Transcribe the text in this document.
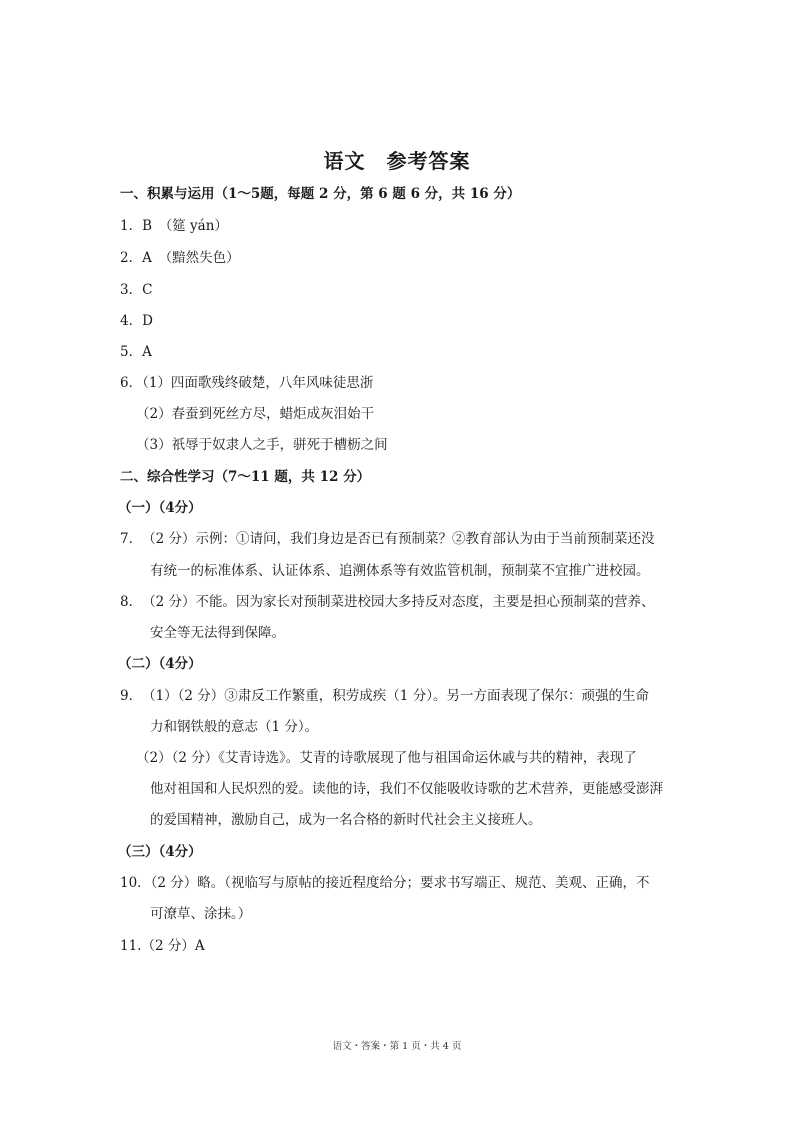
语文　参考答案
一、积累与运用（1～5题，每题 2 分，第 6 题 6 分，共 16 分）
1．B　（筵 yán）
2．A　（黯然失色）
3．C
4．D
5．A
6．（1）四面歌残终破楚，八年风味徒思浙
（2）春蚕到死丝方尽，蜡炬成灰泪始干
（3）祇辱于奴隶人之手，骈死于槽枥之间
二、综合性学习（7～11 题，共 12 分）
（一）（4分）
7．　（2 分）示例：①请问，我们身边是否已有预制菜？②教育部认为由于当前预制菜还没
有统一的标准体系、认证体系、追溯体系等有效监管机制，预制菜不宜推广进校园。
8．　（2 分）不能。因为家长对预制菜进校园大多持反对态度，主要是担心预制菜的营养、
安全等无法得到保障。
（二）（4分）
9．　（1）（2 分）③肃反工作繁重，积劳成疾（1 分）。另一方面表现了保尔：顽强的生命
力和钢铁般的意志（1 分）。
（2）（2 分）《艾青诗选》。艾青的诗歌展现了他与祖国命运休戚与共的精神，表现了
他对祖国和人民炽烈的爱。读他的诗，我们不仅能吸收诗歌的艺术营养，更能感受澎湃
的爱国精神，激励自己，成为一名合格的新时代社会主义接班人。
（三）（4分）
10．（2 分）略。（视临写与原帖的接近程度给分；要求书写端正、规范、美观、正确，不
可潦草、涂抹。）
11.（2 分）A
语文・答案・第 1 页・共 4 页
